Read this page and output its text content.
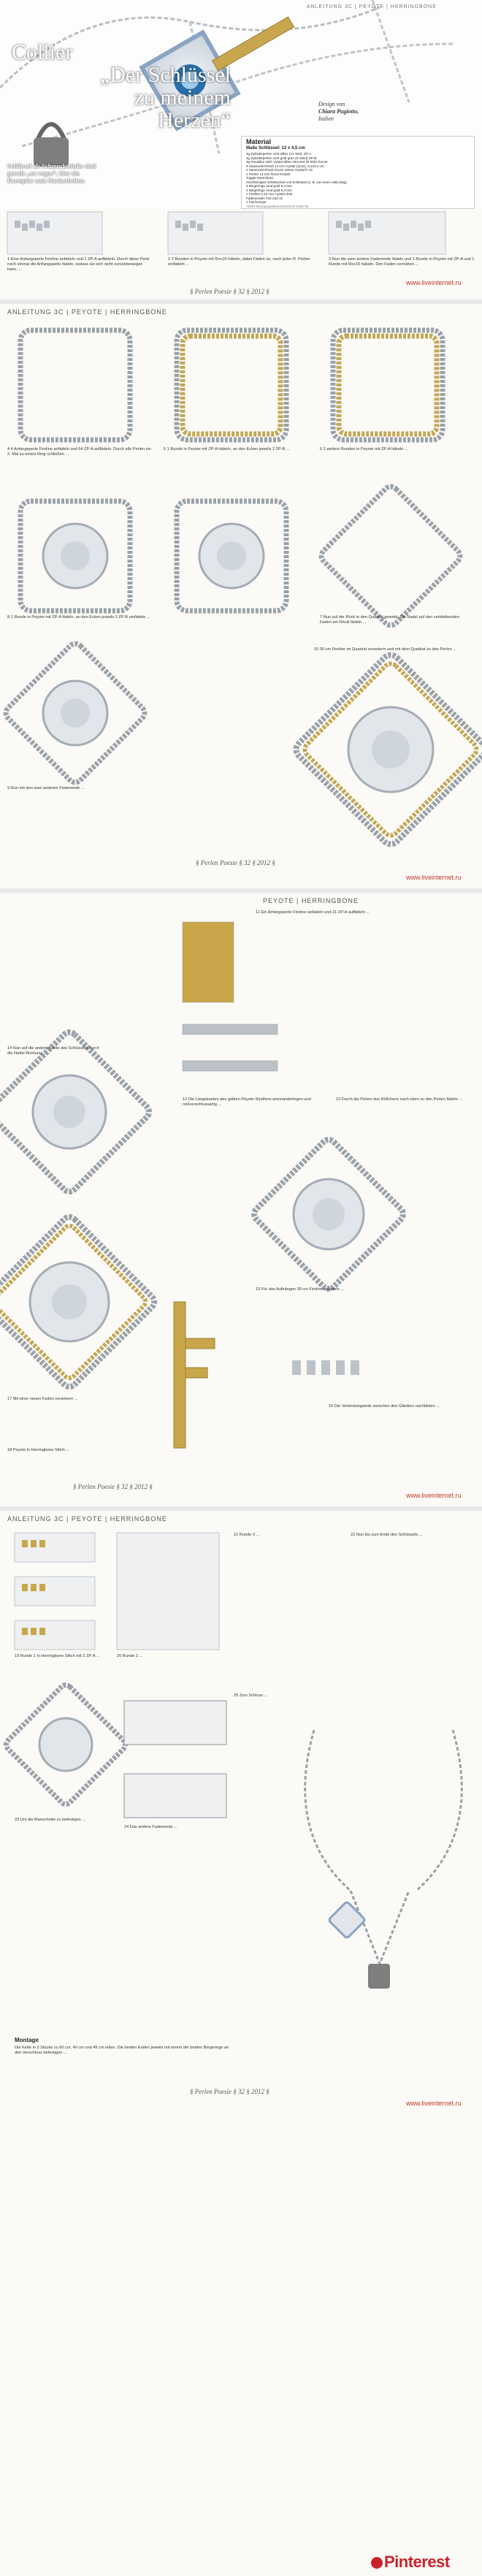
ANLEITUNG 3C | PEYOTE | HERRINGBONE
Collier
„Der Schlüssel
zu meinem
Herzen“
Design von
Chiara Pugiotto,
Italien
Schlüssel als Schmuckstücke sind gerade „en vogue“, hier ein Exemplar zum Nacharbeiten.
Material
Maße Schlüssel: 12 x 4,5 cm
4g Zylinderperlen 11/0 silber (A1 520), ZP-A
4g Zylinderperlen 11/0 gold grün (K 0264) ZP-B
3g Rocailles 15/0 crystal silber mirrored (R 506) Roc15
8 Swarovski-Rivoli 14 mm crystal (1122), 6,2x3,3 cm
2 Swarovski-Rivoli #1122 18mm crystal R 18
1 Perlen 14 mm Rund Kristall
Toggle-Verschluss
Herzförmiges Schlösschen mit Schlüssel (z. B. von einer Helly Bag)
4 Biegeringe rund gold 6,4 mm
1 Biegeringe rund gold 5,4 mm
1 Fireline 0,12 mm crystal clear
Fadenenden #10 und 12
1 Flachzange
*siehe Bezugsquellenverzeichnis Seite 46
1 Eine Anfangsperle Fireline anfädeln und 1 ZP-A auffädeln. Durch diese Perle noch einmal die Anfangsperle fädeln, sodass sie sich nicht zurückbewegen kann. ...
2 2 Runden in Peyote mit Roc15 häkeln, dabei Fäden so, nach jeder R. Perlen einfädeln ...
3 Nun die zwei andere Fadenende fädeln und 1 Runde in Peyote mit ZP-A und 1 Runde mit Roc15 häkeln. Den Faden vernähen ...
§ Perlen Poesie § 32 § 2012 §
www.liveinternet.ru
ANLEITUNG 3C | PEYOTE | HERRINGBONE
4 4 Anfangsperle Fireline anfädeln und 64 ZP-A auffädeln. Durch alle Perlen ein 2. Mal zu einem Ring schließen ...
5 1 Runde in Peyote mit ZP-A häkeln, an den Ecken jeweils 2 ZP-B ...	6 2 weitere Runden in Peyote mit ZP-A häkeln ...
7 Nun auf der Rück in den Quadrat gewebt. Die Nadel auf den verbleibenden Faden am Rivoli fädeln ...
8 1 Runde in Peyote mit ZP-A fädeln, an den Ecken jeweils 2 ZP-B einfädeln ...
9 Nun mit den zwei anderen Fadenende ...
10 30 cm Fireline im Quadrat verankern und mit dem Quadrat zu den Perlen ...
§ Perlen Poesie § 32 § 2012 §
www.liveinternet.ru
PEYOTE | HERRINGBONE
11 Ein Anfangsperle Fireline anfädeln und 21 ZP-A auffädeln ...
12 Die Längskanten des gelben Peyote-Streifens aneinanderlegen und reißverschlussartig ...
13 Durch die Perlen des Röllchens nach oben zu den Perlen fädeln ...
14 Nun auf die andere Kante des Schlüssels durch die Nadel Richtung ...
15 Für das Aufhängen 30 cm Fireline anfädeln ...
16 Die Verbindungsteile zwischen den Gliedern nachbilden ...
17 Mit einer neuen Faden verankern ...
18 Peyote in Herringbone Stitch ...
§ Perlen Poesie § 32 § 2012 §
www.liveinternet.ru
ANLEITUNG 3C | PEYOTE | HERRINGBONE
19 Runde 1 in Herringbone Stitch mit 2 ZP-A ...	20 Runde 2 ...
21 Runde 3 ...	22 Nun bis zum Ende des Schlüssels ...
23 Um die Manschette zu befestigen ...
24 Das andere Fadenende ...
25 Zum Schluss ...
Montage
Die Kette in 3 Stücke zu 60 cm, 40 cm und 45 cm teilen. Die beiden Enden jeweils mit einem der beiden Biegeringe an den Verschluss befestigen ...
§ Perlen Poesie § 32 § 2012 §
www.liveinternet.ru
Pinterest
